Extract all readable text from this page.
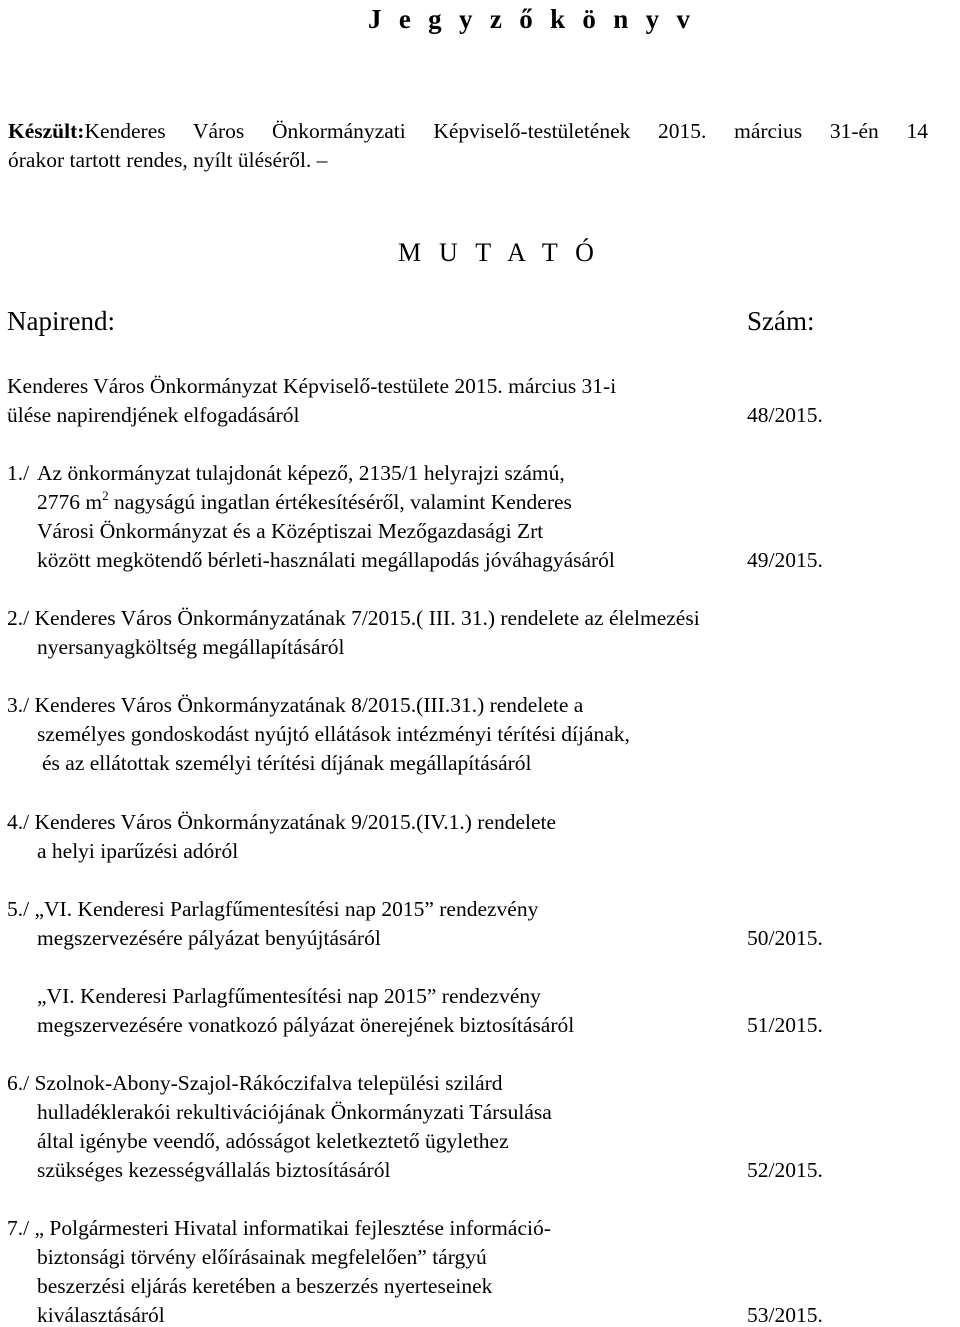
J e g y z ő k ö n y v
Készült:Kenderes Város Önkormányzati Képviselő-testületének 2015. március 31-én 14
órakor tartott rendes, nyílt üléséről. –
M U T A T Ó
Napirend:	Szám:
Kenderes Város Önkormányzat Képviselő-testülete 2015. március 31-i
ülése napirendjének elfogadásáról	48/2015.
1./ Az önkormányzat tulajdonát képező, 2135/1 helyrajzi számú,
2776 $m^2$ nagyságú ingatlan értékesítéséről, valamint Kenderes
Városi Önkormányzat és a Középtiszai Mezőgazdasági Zrt
között megkötendő bérleti-használati megállapodás jóváhagyásáról	49/2015.
2./ Kenderes Város Önkormányzatának 7/2015.( III. 31.) rendelete az élelmezési
nyersanyagköltség megállapításáról
3./ Kenderes Város Önkormányzatának 8/2015.(III.31.) rendelete a
személyes gondoskodást nyújtó ellátások intézményi térítési díjának,
és az ellátottak személyi térítési díjának megállapításáról
4./ Kenderes Város Önkormányzatának 9/2015.(IV.1.) rendelete
a helyi iparűzési adóról
5./ „VI. Kenderesi Parlagfűmentesítési nap 2015” rendezvény
megszervezésére pályázat benyújtásáról	50/2015.
„VI. Kenderesi Parlagfűmentesítési nap 2015” rendezvény
megszervezésére vonatkozó pályázat önerejének biztosításáról	51/2015.
6./ Szolnok-Abony-Szajol-Rákóczifalva települési szilárd
hulladéklerakói rekultivációjának Önkormányzati Társulása
által igénybe veendő, adósságot keletkeztető ügylethez
szükséges kezességvállalás biztosításáról	52/2015.
7./ „ Polgármesteri Hivatal informatikai fejlesztése információ-
biztonsági törvény előírásainak megfelelően” tárgyú
beszerzési eljárás keretében a beszerzés nyerteseinek
kiválasztásáról	53/2015.
